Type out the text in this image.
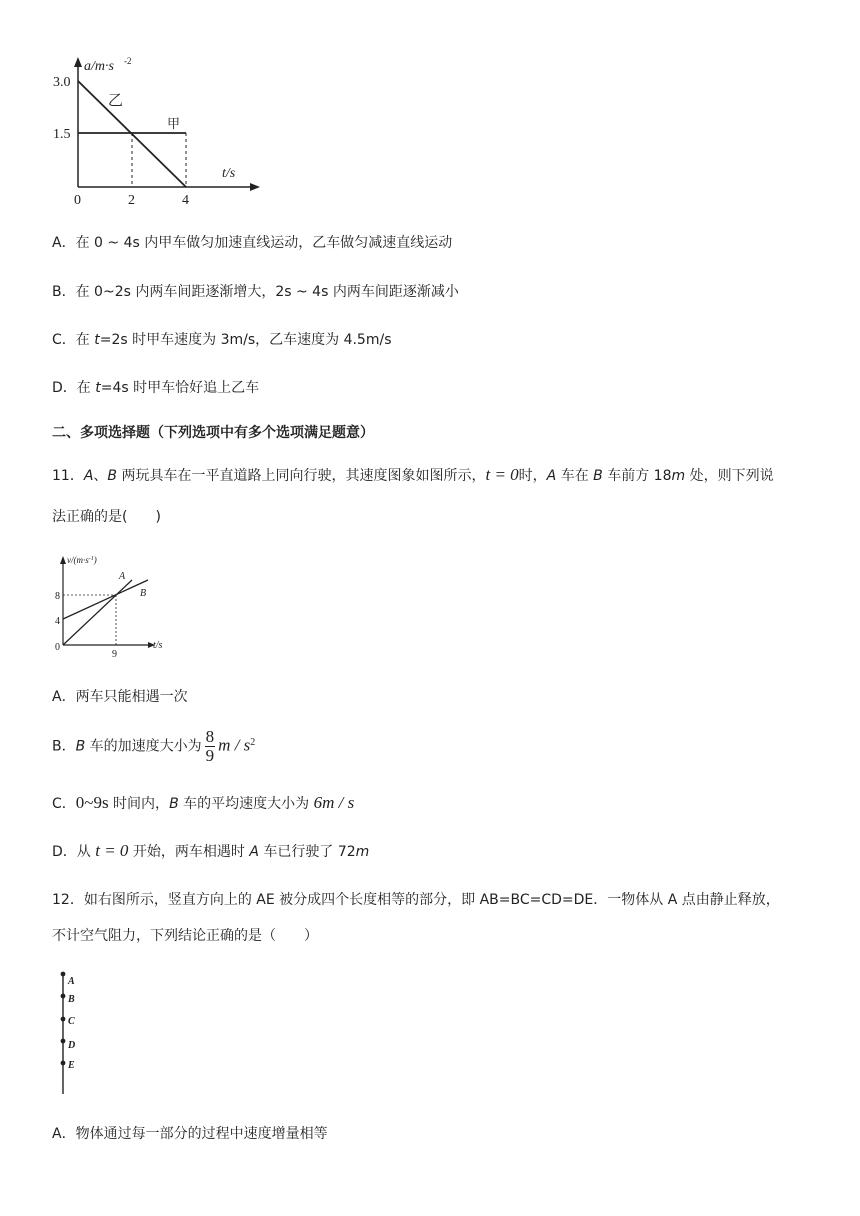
a/m·s -2
3.0
1.5
0	2	4
t/s
乙
甲
A．在 0 ~ 4s 内甲车做匀加速直线运动，乙车做匀减速直线运动
B．在 0~2s 内两车间距逐渐增大，2s ~ 4s 内两车间距逐渐减小
C．在 t=2s 时甲车速度为 3m/s，乙车速度为 4.5m/s
D．在 t=4s 时甲车恰好追上乙车
二、多项选择题（下列选项中有多个选项满足题意）
11．A、B 两玩具车在一平直道路上同向行驶，其速度图象如图所示，t = 0时，A 车在 B 车前方 18m 处，则下列说
法正确的是(　　)
$v/(m\cdot s^{-1})$
8
4
0
9
t/s
A
B
A．两车只能相遇一次
B．B 车的加速度大小为 $\frac{8}{9}$ m / $s^2$
C．0~9s 时间内，B 车的平均速度大小为 6m / s
D．从 t = 0 开始，两车相遇时 A 车已行驶了 72m
12．如右图所示，竖直方向上的 AE 被分成四个长度相等的部分，即 AB=BC=CD=DE．一物体从 A 点由静止释放，
不计空气阻力，下列结论正确的是（　　）
A
B
C
D
E
A．物体通过每一部分的过程中速度增量相等
